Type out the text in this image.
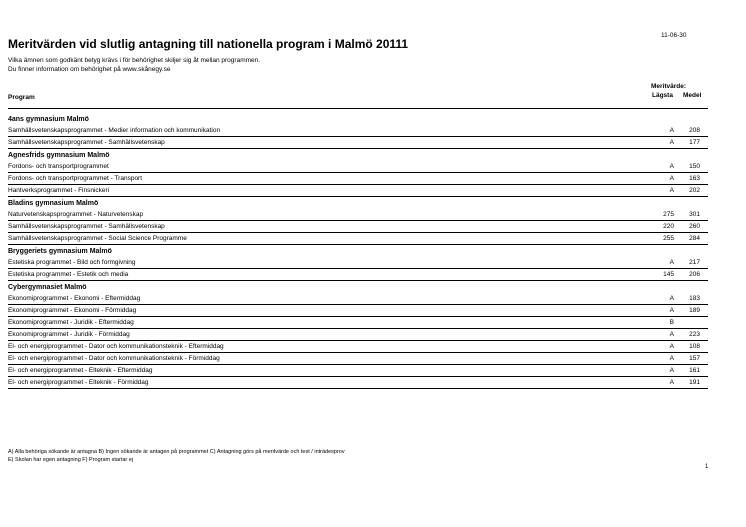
11-06-30
Meritvärden vid slutlig antagning till nationella program i Malmö 20111
Vilka ämnen som godkänt betyg krävs i för behörighet skiljer sig åt mellan programmen.
Du finner information om behörighet på www.skånegy.se
Meritvärde:
Program	Lägsta Medel
4ans gymnasium Malmö
Samhällsvetenskapsprogrammet - Medier information och kommunikation	A 208
Samhällsvetenskapsprogrammet - Samhällsvetenskap	A 177
Agnesfrids gymnasium Malmö
Fordons- och transportprogrammet	A 150
Fordons- och transportprogrammet - Transport	A 163
Hantverksprogrammet - Finsnickeri	A 202
Bladins gymnasium Malmö
Naturvetenskapsprogrammet - Naturvetenskap	275 301
Samhällsvetenskapsprogrammet - Samhällsvetenskap	220 260
Samhällsvetenskapsprogrammet - Social Science Programme	255 284
Bryggeriets gymnasium Malmö
Estetiska programmet - Bild och formgivning	A 217
Estetiska programmet - Estetik och media	145 206
Cybergymnasiet Malmö
Ekonomiprogrammet - Ekonomi - Eftermiddag	A 183
Ekonomiprogrammet - Ekonomi - Förmiddag	A 189
Ekonomiprogrammet - Juridik - Eftermiddag	B
Ekonomiprogrammet - Juridik - Förmiddag	A 223
El- och energiprogrammet - Dator och kommunikationsteknik - Eftermiddag	A 108
El- och energiprogrammet - Dator och kommunikationsteknik - Förmiddag	A 157
El- och energiprogrammet - Elteknik - Eftermiddag	A 161
El- och energiprogrammet - Elteknik - Förmiddag	A 191
A) Alla behöriga sökande är antagna B) Ingen sökande är antagen på programmet C) Antagning görs på meritvärde och test / inträdesprov
E) Skolan har egen antagning F) Program startar ej
1
